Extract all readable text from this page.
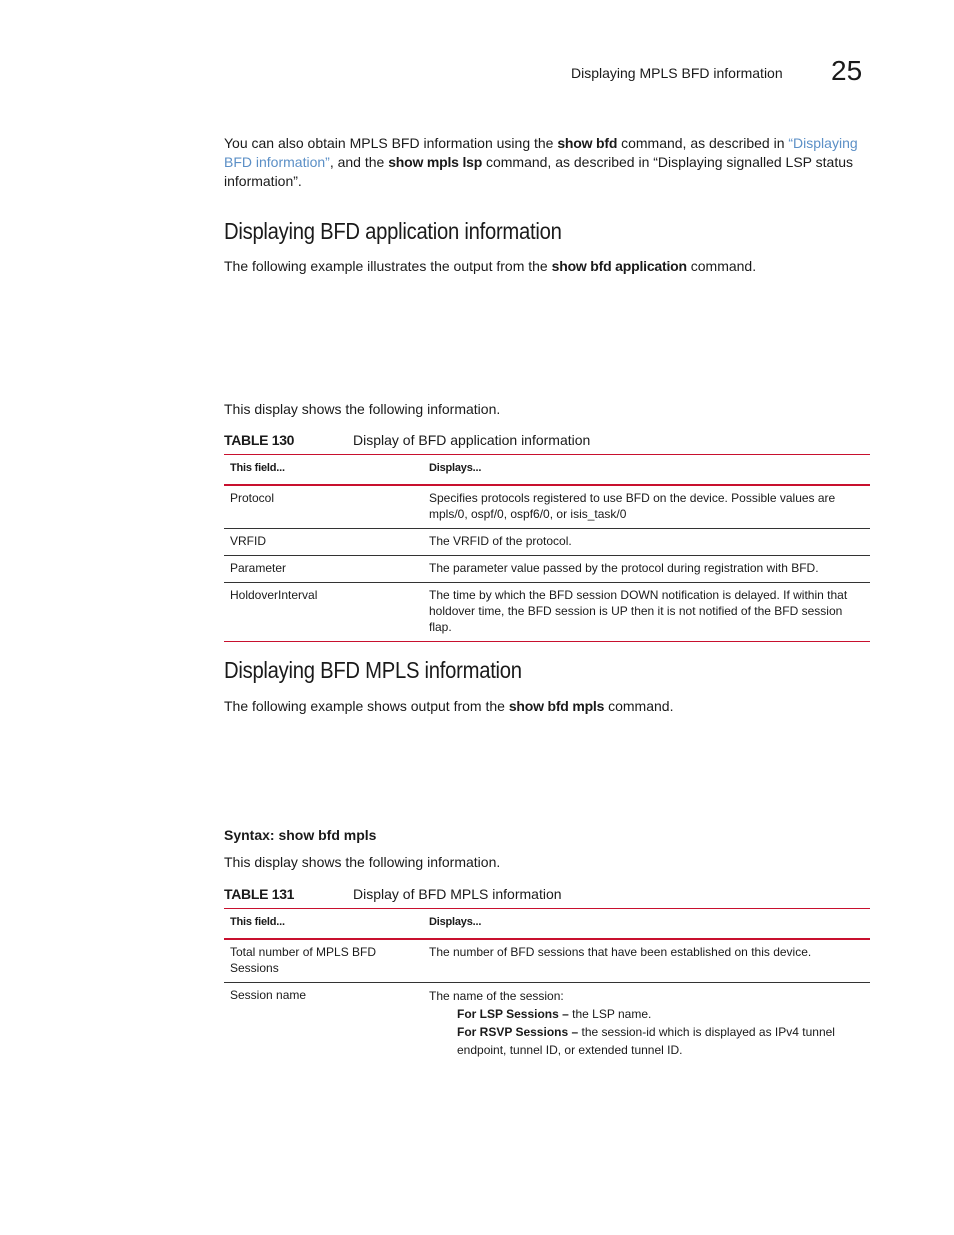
Displaying MPLS BFD information 25
You can also obtain MPLS BFD information using the show bfd command, as described in “Displaying BFD information”, and the show mpls lsp command, as described in “Displaying signalled LSP status information”.
Displaying BFD application information
The following example illustrates the output from the show bfd application command.
This display shows the following information.
TABLE 130	Display of BFD application information
This field...	Displays...
Protocol	Specifies protocols registered to use BFD on the device. Possible values are mpls/0, ospf/0, ospf6/0, or isis_task/0
VRFID	The VRFID of the protocol.
Parameter	The parameter value passed by the protocol during registration with BFD.
HoldoverInterval	The time by which the BFD session DOWN notification is delayed. If within that holdover time, the BFD session is UP then it is not notified of the BFD session flap.
Displaying BFD MPLS information
The following example shows output from the show bfd mpls command.
Syntax: show bfd mpls
This display shows the following information.
TABLE 131	Display of BFD MPLS information
This field...	Displays...
Total number of MPLS BFD Sessions	The number of BFD sessions that have been established on this device.
Session name	The name of the session:
For LSP Sessions – the LSP name.
For RSVP Sessions – the session-id which is displayed as IPv4 tunnel endpoint, tunnel ID, or extended tunnel ID.
